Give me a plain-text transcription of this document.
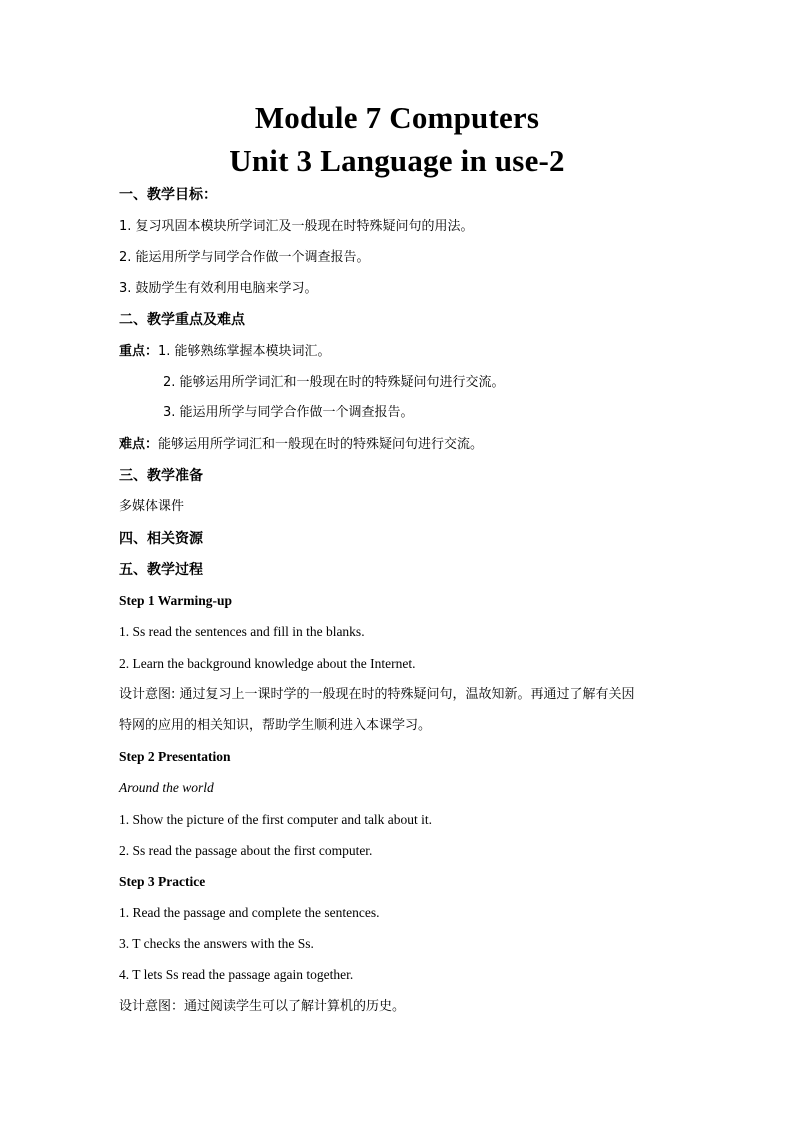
Module 7 Computers
Unit 3 Language in use-2
一、教学目标：
1. 复习巩固本模块所学词汇及一般现在时特殊疑问句的用法。
2. 能运用所学与同学合作做一个调查报告。
3. 鼓励学生有效利用电脑来学习。
二、教学重点及难点
重点：1. 能够熟练掌握本模块词汇。
2. 能够运用所学词汇和一般现在时的特殊疑问句进行交流。
3. 能运用所学与同学合作做一个调查报告。
难点：能够运用所学词汇和一般现在时的特殊疑问句进行交流。
三、教学准备
多媒体课件
四、相关资源
五、教学过程
Step 1 Warming-up
1. Ss read the sentences and fill in the blanks.
2. Learn the background knowledge about the Internet.
设计意图: 通过复习上一课时学的一般现在时的特殊疑问句，温故知新。再通过了解有关因
特网的应用的相关知识，帮助学生顺利进入本课学习。
Step 2 Presentation
Around the world
1. Show the picture of the first computer and talk about it.
2. Ss read the passage about the first computer.
Step 3 Practice
1. Read the passage and complete the sentences.
3. T checks the answers with the Ss.
4. T lets Ss read the passage again together.
设计意图：通过阅读学生可以了解计算机的历史。
